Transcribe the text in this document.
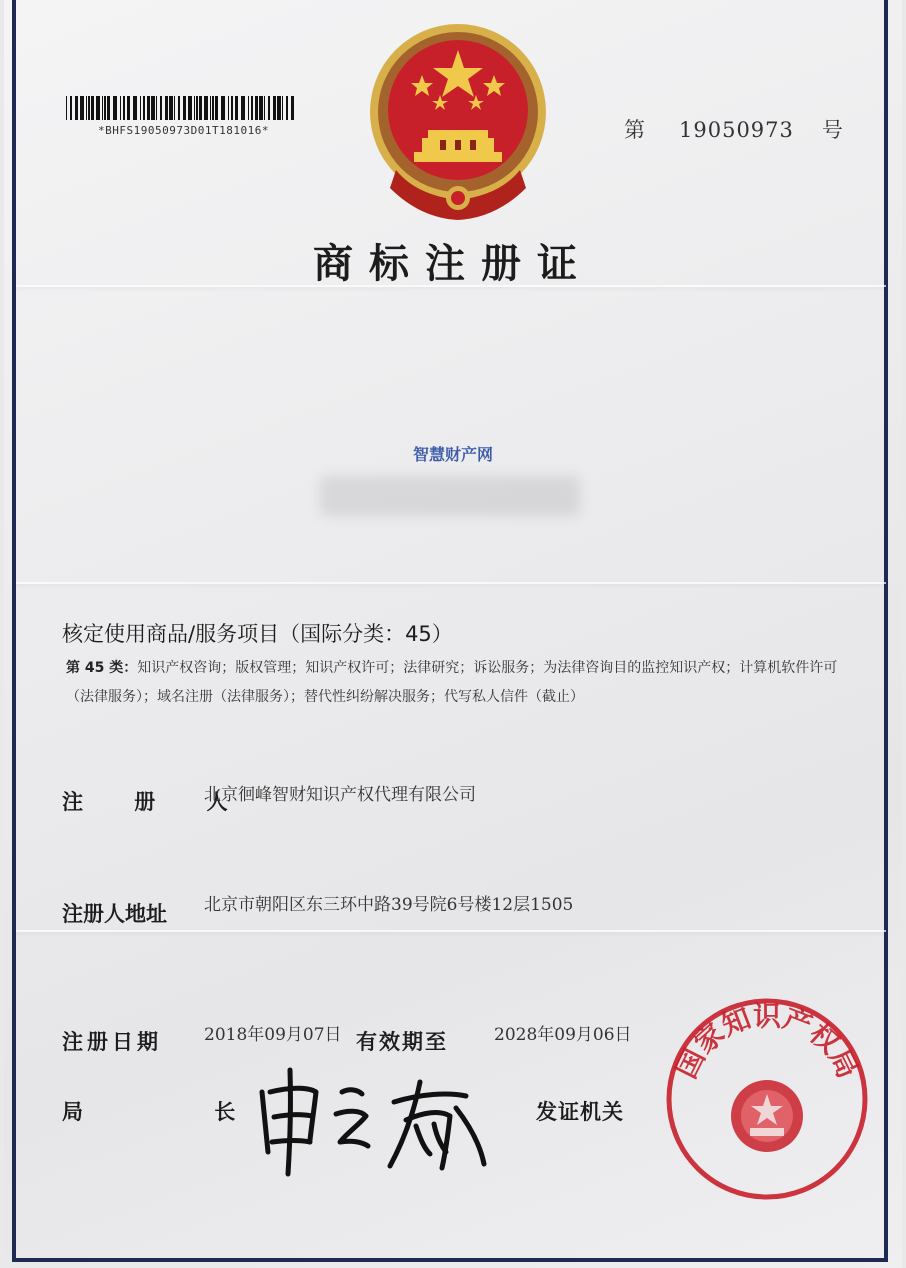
*BHFS19050973D01T181016*	第 19050973 号
商标注册证
智慧财产网
核定使用商品/服务项目（国际分类：45）
第 45 类：知识产权咨询；版权管理；知识产权许可；法律研究；诉讼服务；为法律咨询目的监控知识产权；计算机软件许可（法律服务）；域名注册（法律服务）；替代性纠纷解决服务；代写私人信件（截止）
注 册 人
北京徊峰智财知识产权代理有限公司
注册人地址 北京市朝阳区东三环中路39号院6号楼12层1505
注册日期 2018年09月07日 有效期至	2028年09月06日
局 长	发证机关
国家知识产权局
